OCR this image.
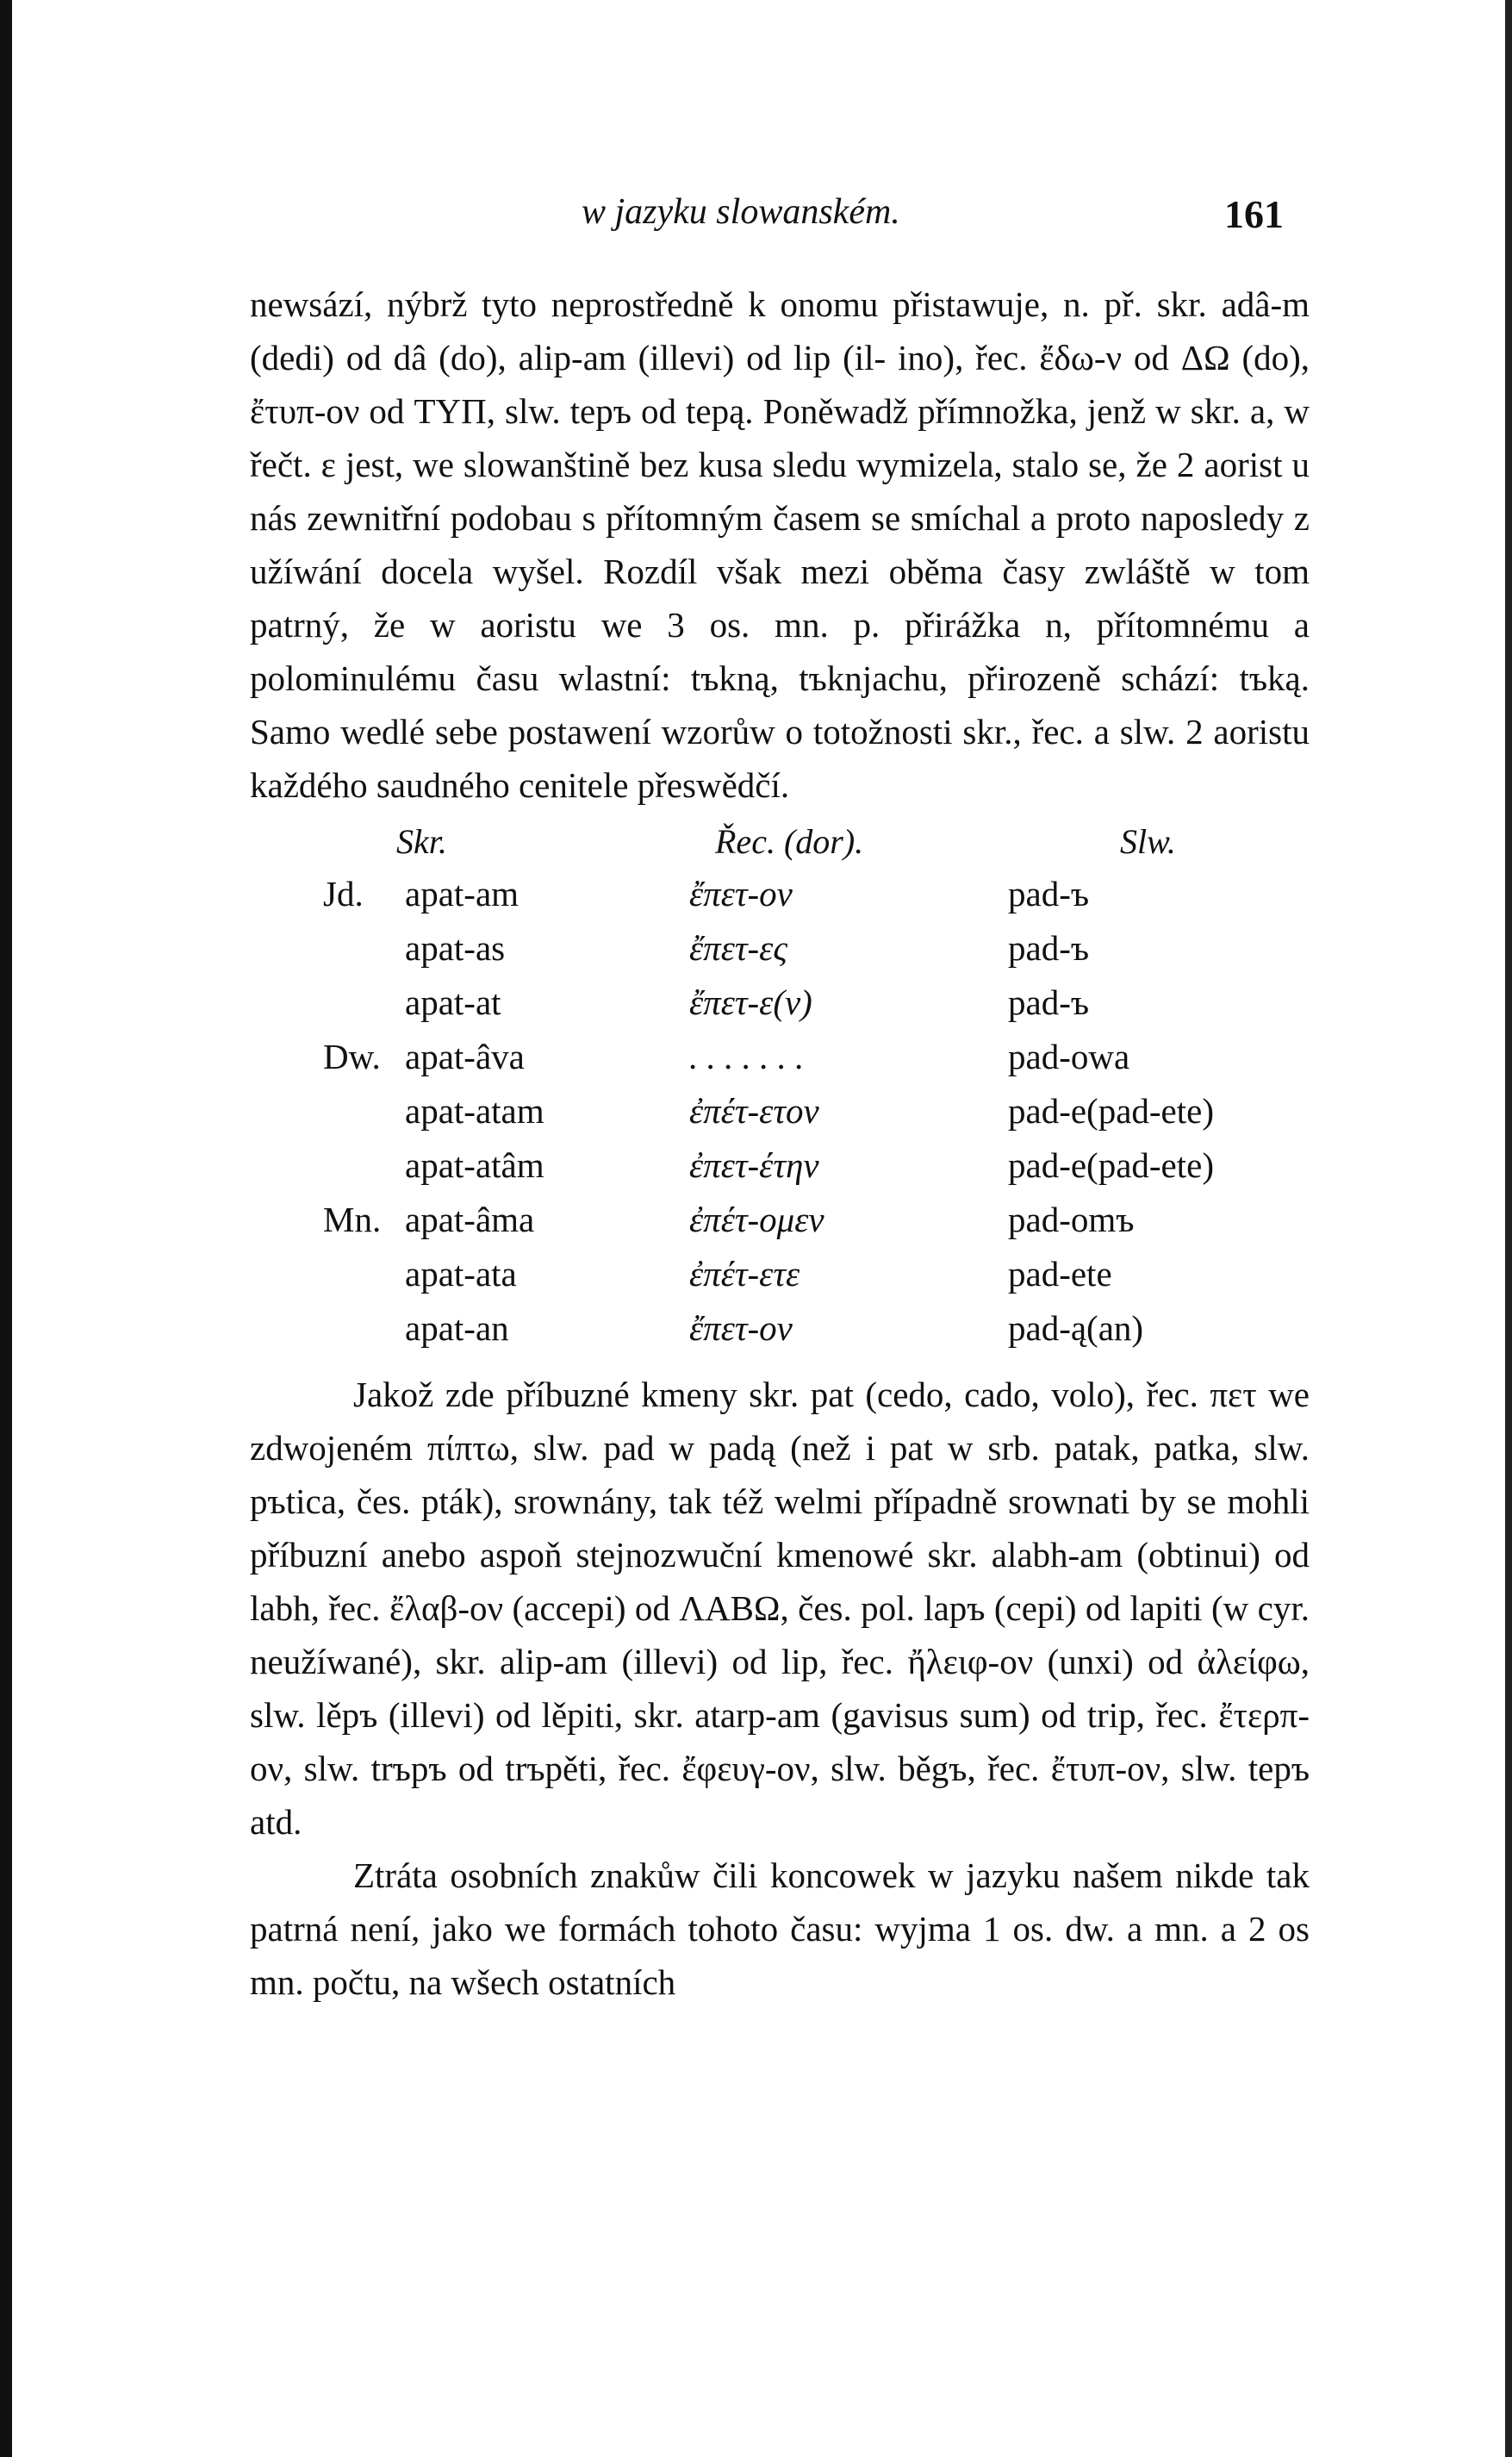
w jazyku slowanském.	161

newsází, nýbrž tyto neprostředně k onomu přistawuje, n. př. skr. adâ-m (dedi) od dâ (do), alip-am (illevi) od lip (il- ino), řec. ἔδω-ν od ΔΩ (do), ἔτυπ-ον od ΤΥΠ, slw. tepъ od tepą. Poněwadž přímnožka, jenž w skr. a, w řečt. ε jest, we slowanštině bez kusa sledu wymizela, stalo se, že 2 aorist u nás zewnitřní podobau s přítomným časem se smíchal a proto naposledy z užíwání docela wyšel. Rozdíl však mezi oběma časy zwláště w tom patrný, že w aoristu we 3 os. mn. p. přirážka n, přítomnému a polominulému času wlastní: tъkną, tъknjachu, přirozeně schází: tъką. Samo wedlé sebe postawení wzorůw o totožnosti skr., řec. a slw. 2 aoristu každého saudného cenitele přeswědčí.

Skr.	Řec. (dor).	Slw.
Jd. apat-am	ἔπετ-ον	pad-ъ
apat-as	ἔπετ-ες	pad-ъ
apat-at	ἔπετ-ε(ν)	pad-ъ
Dw. apat-âva	. . . . . . .	pad-owa
apat-atam	ἐπέτ-ετον	pad-e(pad-ete)
apat-atâm	ἐπετ-έτην	pad-e(pad-ete)
Mn. apat-âma	ἐπέτ-ομεν	pad-omъ
apat-ata	ἐπέτ-ετε	pad-ete
apat-an	ἔπετ-ον	pad-ą(an)

Jakož zde příbuzné kmeny skr. pat (cedo, cado, volo), řec. πετ we zdwojeném πίπτω, slw. pad w padą (než i pat w srb. patak, patka, slw. pъtica, čes. pták), srownány, tak též welmi případně srownati by se mohli příbuzní anebo aspoň stejnozwuční kmenowé skr. alabh-am (obtinui) od labh, řec. ἔλαβ-ον (accepi) od ΛΑΒΩ, čes. pol. lapъ (cepi) od lapiti (w cyr. neužíwané), skr. alip-am (illevi) od lip, řec. ἤλειφ-ον (unxi) od ἀλείφω, slw. lěpъ (illevi) od lěpiti, skr. atarp-am (gavisus sum) od trip, řec. ἔτερπ-ον, slw. trъpъ od trъpěti, řec. ἔφευγ-ον, slw. běgъ, řec. ἔτυπ-ον, slw. tepъ atd.

Ztráta osobních znakůw čili koncowek w jazyku našem nikde tak patrná není, jako we formách tohoto času: wyjma 1 os. dw. a mn. a 2 os mn. počtu, na wšech ostatních
